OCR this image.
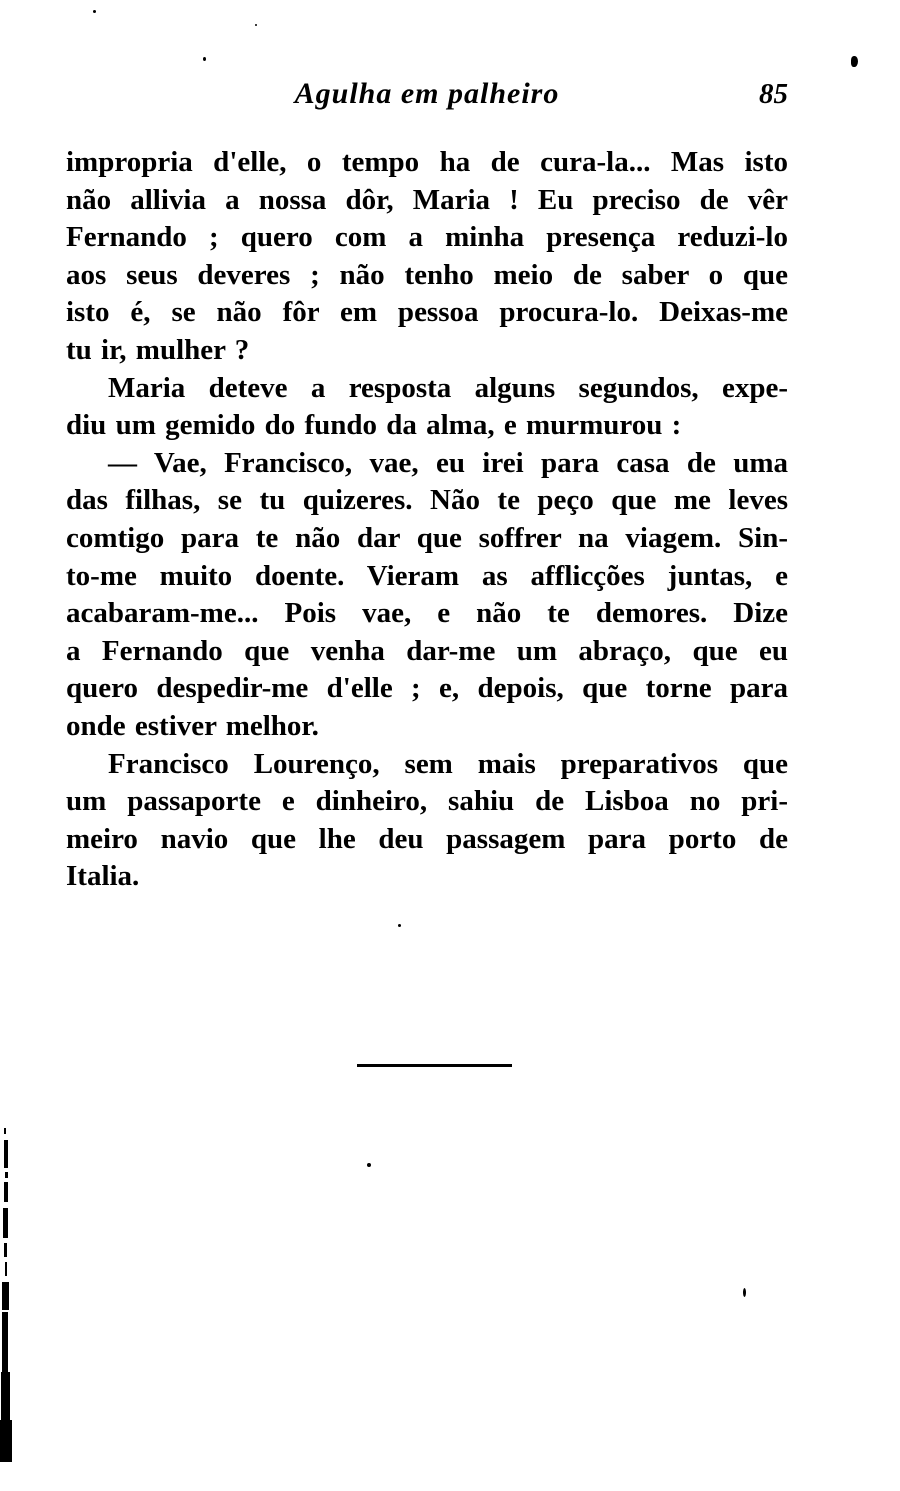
Agulha em palheiro	85

impropria d'elle, o tempo ha de cura-la... Mas isto
não allivia a nossa dôr, Maria ! Eu preciso de vêr
Fernando ; quero com a minha presença reduzi-lo
aos seus deveres ; não tenho meio de saber o que
isto é, se não fôr em pessoa procura-lo. Deixas-me
tu ir, mulher ?

Maria deteve a resposta alguns segundos, expe-
diu um gemido do fundo da alma, e murmurou :

— Vae, Francisco, vae, eu irei para casa de uma
das filhas, se tu quizeres. Não te peço que me leves
comtigo para te não dar que soffrer na viagem. Sin-
to-me muito doente. Vieram as afflicções juntas, e
acabaram-me... Pois vae, e não te demores. Dize
a Fernando que venha dar-me um abraço, que eu
quero despedir-me d'elle ; e, depois, que torne para
onde estiver melhor.

Francisco Lourenço, sem mais preparativos que
um passaporte e dinheiro, sahiu de Lisboa no pri-
meiro navio que lhe deu passagem para porto de
Italia.
